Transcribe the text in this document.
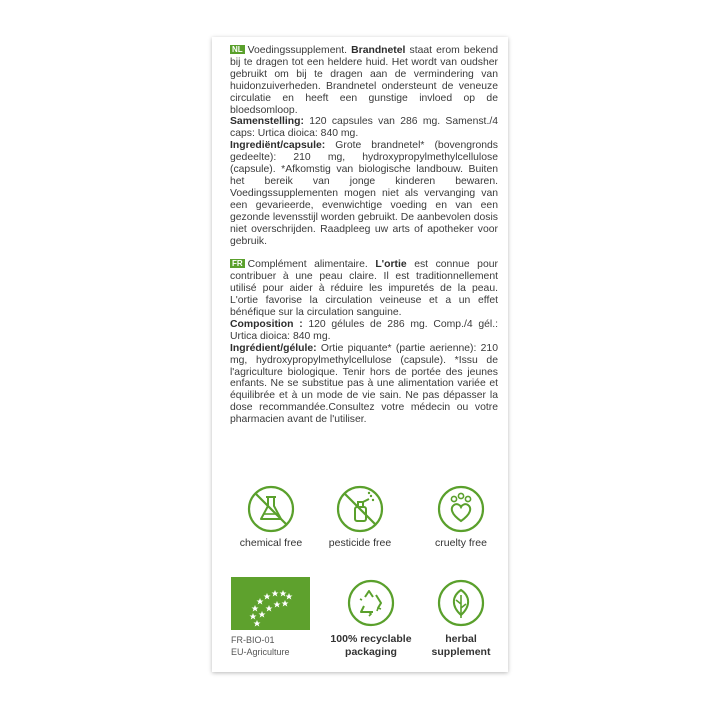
NL Voedingssupplement. Brandnetel staat erom bekend bij te dragen tot een heldere huid. Het wordt van oudsher gebruikt om bij te dragen aan de vermindering van huidonzuiverheden. Brandnetel ondersteunt de veneuze circulatie en heeft een gunstige invloed op de bloedsomloop.
Samenstelling: 120 capsules van 286 mg. Samenst./4 caps: Urtica dioica: 840 mg.
Ingrediënt/capsule: Grote brandnetel* (bovengronds gedeelte): 210 mg, hydroxypropylmethylcellulose (capsule). *Afkomstig van biologische landbouw. Buiten het bereik van jonge kinderen bewaren. Voedingssupplementen mogen niet als vervanging van een gevarieerde, evenwichtige voeding en van een gezonde levensstijl worden gebruikt. De aanbevolen dosis niet overschrijden. Raadpleeg uw arts of apotheker voor gebruik.

FR Complément alimentaire. L'ortie est connue pour contribuer à une peau claire. Il est traditionnellement utilisé pour aider à réduire les impuretés de la peau. L'ortie favorise la circulation veineuse et a un effet bénéfique sur la circulation sanguine.
Composition : 120 gélules de 286 mg. Comp./4 gél.: Urtica dioica: 840 mg.
Ingrédient/gélule: Ortie piquante* (partie aerienne): 210 mg, hydroxypropylmethylcellulose (capsule). *Issu de l'agriculture biologique. Tenir hors de portée des jeunes enfants. Ne se substitue pas à une alimentation variée et équilibrée et à un mode de vie sain. Ne pas dépasser la dose recommandée.Consultez votre médecin ou votre pharmacien avant de l'utiliser.

chemical free	pesticide free	cruelty free
FR-BIO-01
EU-Agriculture
100% recyclable
packaging
herbal
supplement
